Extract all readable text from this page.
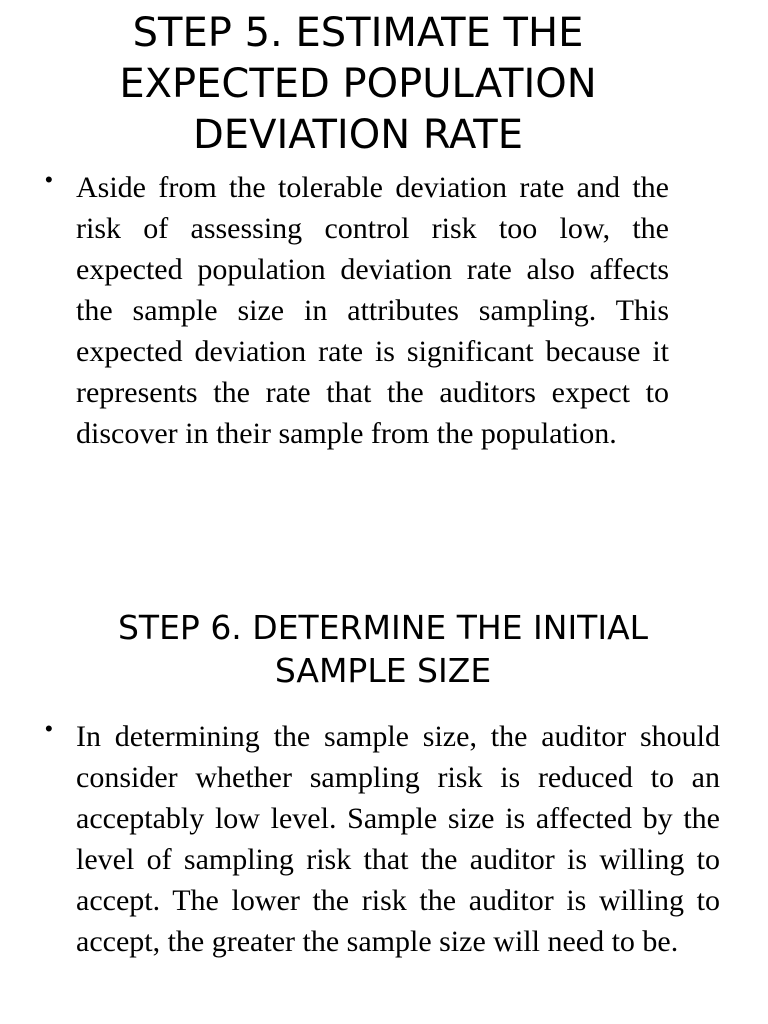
STEP 5. ESTIMATE THE
EXPECTED POPULATION
DEVIATION RATE
• Aside from the tolerable deviation rate and the risk of assessing control risk too low, the expected population deviation rate also affects the sample size in attributes sampling. This expected deviation rate is significant because it represents the rate that the auditors expect to discover in their sample from the population.
STEP 6. DETERMINE THE INITIAL
SAMPLE SIZE
• In determining the sample size, the auditor should consider whether sampling risk is reduced to an acceptably low level. Sample size is affected by the level of sampling risk that the auditor is willing to accept. The lower the risk the auditor is willing to accept, the greater the sample size will need to be.
